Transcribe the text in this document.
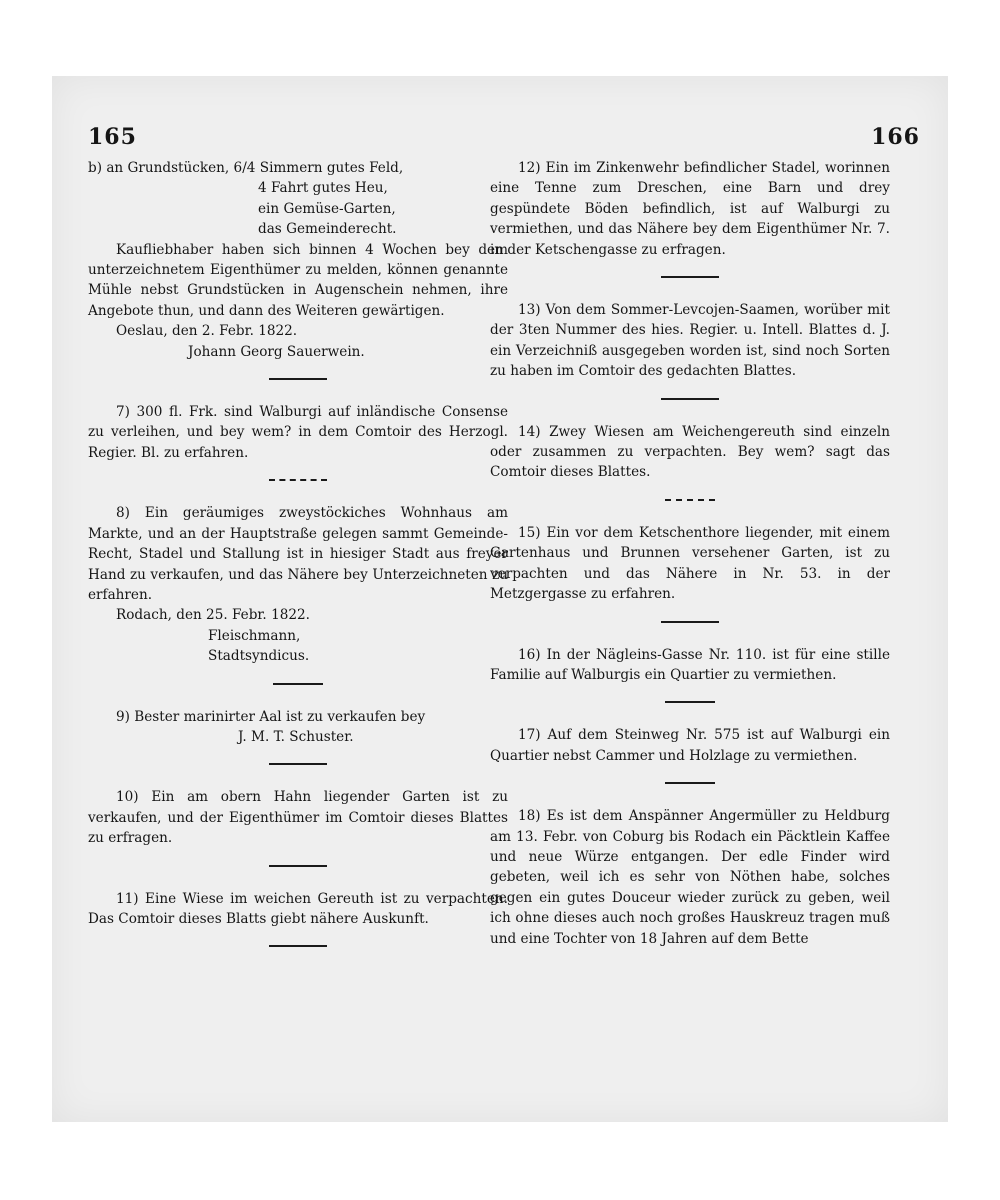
165	166

b) an Grundstücken, 6/4 Simmern gutes Feld,

4 Fahrt gutes Heu,

ein Gemüse-Garten,

das Gemeinderecht.

Kaufliebhaber haben sich binnen 4 Wochen bey dem unterzeichnetem Eigenthümer zu melden, können genannte Mühle nebst Grundstücken in Augenschein nehmen, ihre Angebote thun, und dann des Weiteren gewärtigen.

Oeslau, den 2. Febr. 1822.

Johann Georg Sauerwein.

7) 300 fl. Frk. sind Walburgi auf inländische Consense zu verleihen, und bey wem? in dem Comtoir des Herzogl. Regier. Bl. zu erfahren.

8) Ein geräumiges zweystöckiches Wohnhaus am Markte, und an der Hauptstraße gelegen sammt Gemeinde-Recht, Stadel und Stallung ist in hiesiger Stadt aus freyer Hand zu verkaufen, und das Nähere bey Unterzeichneten zu erfahren.

Rodach, den 25. Febr. 1822.

Fleischmann,

Stadtsyndicus.

9) Bester marinirter Aal ist zu verkaufen bey

J. M. T. Schuster.

10) Ein am obern Hahn liegender Garten ist zu verkaufen, und der Eigenthümer im Comtoir dieses Blattes zu erfragen.

11) Eine Wiese im weichen Gereuth ist zu verpachten. Das Comtoir dieses Blatts giebt nähere Auskunft.

12) Ein im Zinkenwehr befindlicher Stadel, worinnen eine Tenne zum Dreschen, eine Barn und drey gespündete Böden befindlich, ist auf Walburgi zu vermiethen, und das Nähere bey dem Eigenthümer Nr. 7. in der Ketschengasse zu erfragen.

13) Von dem Sommer-Levcojen-Saamen, worüber mit der 3ten Nummer des hies. Regier. u. Intell. Blattes d. J. ein Verzeichniß ausgegeben worden ist, sind noch Sorten zu haben im Comtoir des gedachten Blattes.

14) Zwey Wiesen am Weichengereuth sind einzeln oder zusammen zu verpachten. Bey wem? sagt das Comtoir dieses Blattes.

15) Ein vor dem Ketschenthore liegender, mit einem Gartenhaus und Brunnen versehener Garten, ist zu verpachten und das Nähere in Nr. 53. in der Metzgergasse zu erfahren.

16) In der Nägleins-Gasse Nr. 110. ist für eine stille Familie auf Walburgis ein Quartier zu vermiethen.

17) Auf dem Steinweg Nr. 575 ist auf Walburgi ein Quartier nebst Cammer und Holzlage zu vermiethen.

18) Es ist dem Anspänner Angermüller zu Heldburg am 13. Febr. von Coburg bis Rodach ein Päcktlein Kaffee und neue Würze entgangen. Der edle Finder wird gebeten, weil ich es sehr von Nöthen habe, solches gegen ein gutes Douceur wieder zurück zu geben, weil ich ohne dieses auch noch großes Hauskreuz tragen muß und eine Tochter von 18 Jahren auf dem Bette
